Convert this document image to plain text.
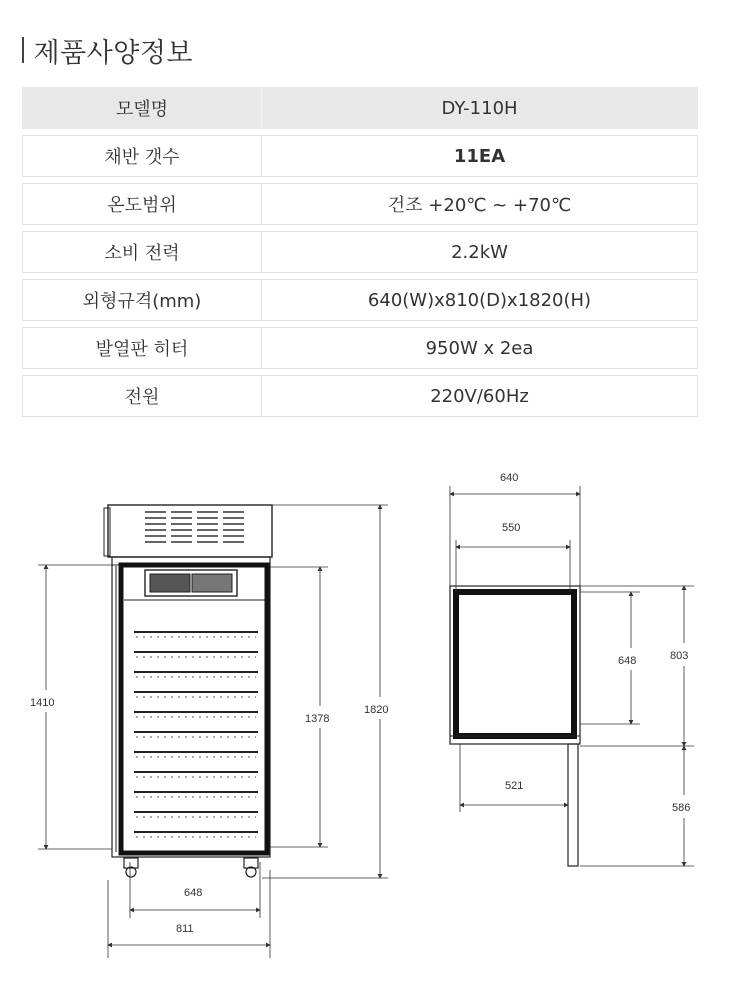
제품사양정보
모델명	DY-110H
채반 갯수	11EA
온도범위	건조 +20℃ ~ +70℃
소비 전력	2.2kW
외형규격(mm)	640(W)x810(D)x1820(H)
발열판 히터	950W x 2ea
전원	220V/60Hz
1410
1378
1820
648
811
640
550
648	803
521
586
